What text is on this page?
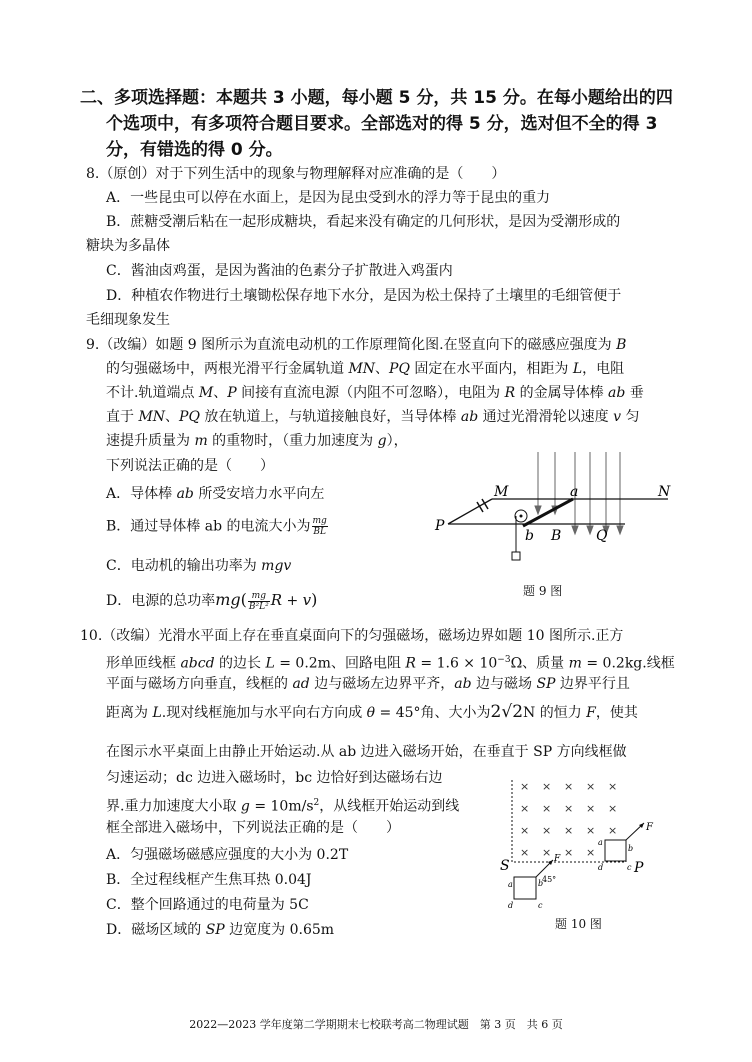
二、多项选择题：本题共 3 小题，每小题 5 分，共 15 分。在每小题给出的四
个选项中，有多项符合题目要求。全部选对的得 5 分，选对但不全的得 3
分，有错选的得 0 分。
8.（原创）对于下列生活中的现象与物理解释对应准确的是（　　）
A．一些昆虫可以停在水面上，是因为昆虫受到水的浮力等于昆虫的重力
B．蔗糖受潮后粘在一起形成糖块，看起来没有确定的几何形状，是因为受潮形成的
糖块为多晶体
C．酱油卤鸡蛋，是因为酱油的色素分子扩散进入鸡蛋内
D．种植农作物进行土壤锄松保存地下水分，是因为松土保持了土壤里的毛细管便于
毛细现象发生
9.（改编）如题 9 图所示为直流电动机的工作原理简化图.在竖直向下的磁感应强度为 B
的匀强磁场中，两根光滑平行金属轨道 MN、PQ 固定在水平面内，相距为 L，电阻
不计.轨道端点 M、P 间接有直流电源（内阻不可忽略），电阻为 R 的金属导体棒 ab 垂
直于 MN、PQ 放在轨道上，与轨道接触良好，当导体棒 ab 通过光滑滑轮以速度 v 匀
速提升质量为 m 的重物时，（重力加速度为 g），
下列说法正确的是（　　）
A．导体棒 ab 所受安培力水平向左
B．通过导体棒 ab 的电流大小为 $\frac{mg}{BL}$
C．电动机的输出功率为 mgv
D．电源的总功率$mg( \frac{mg}{\text{B²L²}}$ R + v)
M	a	N
P
b B Q
题 9 图
10.（改编）光滑水平面上存在垂直桌面向下的匀强磁场，磁场边界如题 10 图所示.正方
形单匝线框 abcd 的边长 L = 0.2m、回路电阻 $R = 1.6 \times 10^{-3}\Omega$、质量 m = 0.2kg.线框
平面与磁场方向垂直，线框的 ad 边与磁场左边界平齐，ab 边与磁场 SP 边界平行且
距离为 L.现对线框施加与水平向右方向成 θ = 45°角、大小为2√2N 的恒力 F，使其
在图示水平桌面上由静止开始运动.从 ab 边进入磁场开始，在垂直于 SP 方向线框做
匀速运动；dc 边进入磁场时，bc 边恰好到达磁场右边
界.重力加速度大小取 $g = 10m/s^2$，从线框开始运动到线
框全部进入磁场中，下列说法正确的是（　　）
A．匀强磁场磁感应强度的大小为 0.2T
B．全过程线框产生焦耳热 0.04J
C．整个回路通过的电荷量为 5C
D．磁场区域的 SP 边宽度为 0.65m
× × × × ×
× × × × ×
× × × × ×
× × × ×
F
45°
a	b
c
d
F
a
b
d	c
S	P
题 10 图
2022—2023 学年度第二学期期末七校联考高二物理试题　第 3 页　共 6 页
